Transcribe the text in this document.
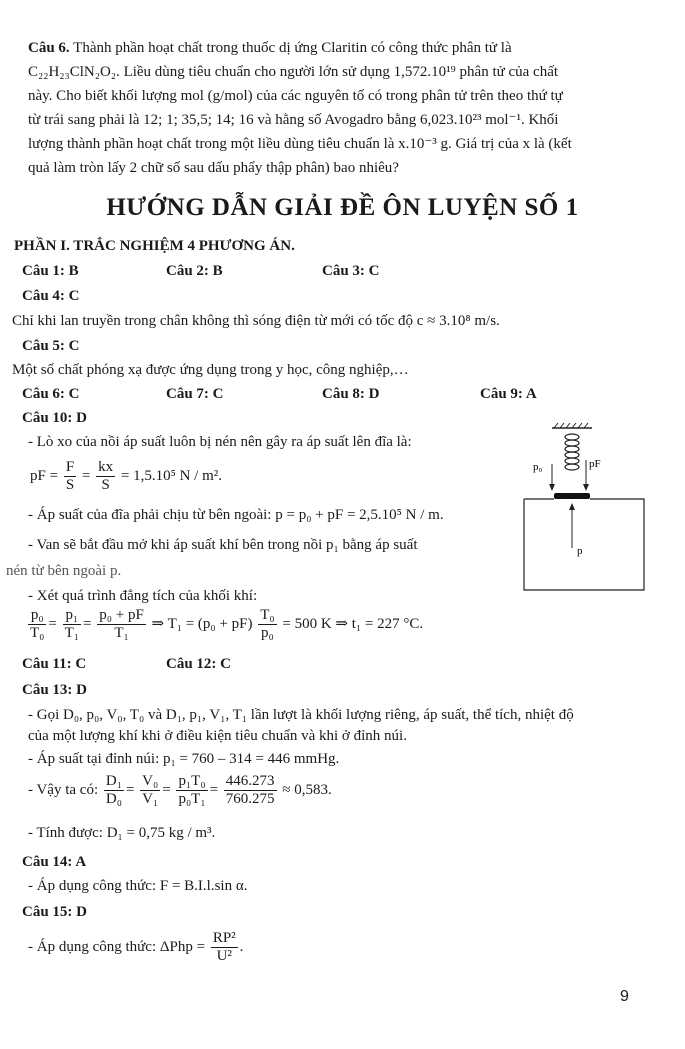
Câu 6. Thành phần hoạt chất trong thuốc dị ứng Claritin có công thức phân tử là
C₂₂H₂₃ClN₂O₂. Liều dùng tiêu chuẩn cho người lớn sử dụng 1,572.10¹⁹ phân tử của chất
này. Cho biết khối lượng mol (g/mol) của các nguyên tố có trong phân tử trên theo thứ tự
từ trái sang phải là 12; 1; 35,5; 14; 16 và hằng số Avogadro bằng 6,023.10²³ mol⁻¹. Khối
lượng thành phần hoạt chất trong một liều dùng tiêu chuẩn là x.10⁻³ g. Giá trị của x là (kết
quả làm tròn lấy 2 chữ số sau dấu phẩy thập phân) bao nhiêu?
HƯỚNG DẪN GIẢI ĐỀ ÔN LUYỆN SỐ 1
PHẦN I. TRẮC NGHIỆM 4 PHƯƠNG ÁN.
Câu 1: B	Câu 2: B	Câu 3: C
Câu 4: C
Chỉ khi lan truyền trong chân không thì sóng điện từ mới có tốc độ c ≈ 3.10⁸ m/s.
Câu 5: C
Một số chất phóng xạ được ứng dụng trong y học, công nghiệp,…
Câu 6: C	Câu 7: C	Câu 8: D	Câu 9: A
Câu 10: D
- Lò xo của nồi áp suất luôn bị nén nên gây ra áp suất lên đĩa là:
pF = $\frac{F}{S} = \frac{kx}{S} = 1,5.10^5$ N / m².
- Áp suất của đĩa phải chịu từ bên ngoài: p = p₀ + pF = 2,5.10⁵ N / m.
- Van sẽ bắt đầu mở khi áp suất khí bên trong nồi p₁ bằng áp suất
nén từ bên ngoài p.
- Xét quá trình đẳng tích của khối khí:
$\frac{\text{p₀}}{\text{T₀}} = \frac{\text{p₁}}{\text{T₁}} = \frac{\text{p₀ + pF}}{\text{T₁}}$ ⇒ $T_1 = (p_0 + pF) \frac{\text{T₀}}{\text{p₀}} = 500$ K ⇒ t₁ = 227 °C.
p₀	pF
p
Câu 11: C	Câu 12: C
Câu 13: D
- Gọi D₀, p₀, V₀, T₀ và D₁, p₁, V₁, T₁ lần lượt là khối lượng riêng, áp suất, thể tích, nhiệt độ
của một lượng khí khi ở điều kiện tiêu chuẩn và khi ở đỉnh núi.
- Áp suất tại đỉnh núi: p₁ = 760 – 314 = 446 mmHg.
- Vậy ta có: $\frac{\text{D₁}}{\text{D₀}} = \frac{\text{V₀}}{\text{V₁}} = \frac{\text{p₁T₀}}{\text{p₀T₁}} = \frac{446.273}{760.275} \approx 0,583$.
- Tính được: D₁ = 0,75 kg / m³.
Câu 14: A
- Áp dụng công thức: F = B.I.l.sin α.
Câu 15: D
- Áp dụng công thức: $\Delta Php = \frac{\text{RP²}}{\text{U²}}$ .
9
